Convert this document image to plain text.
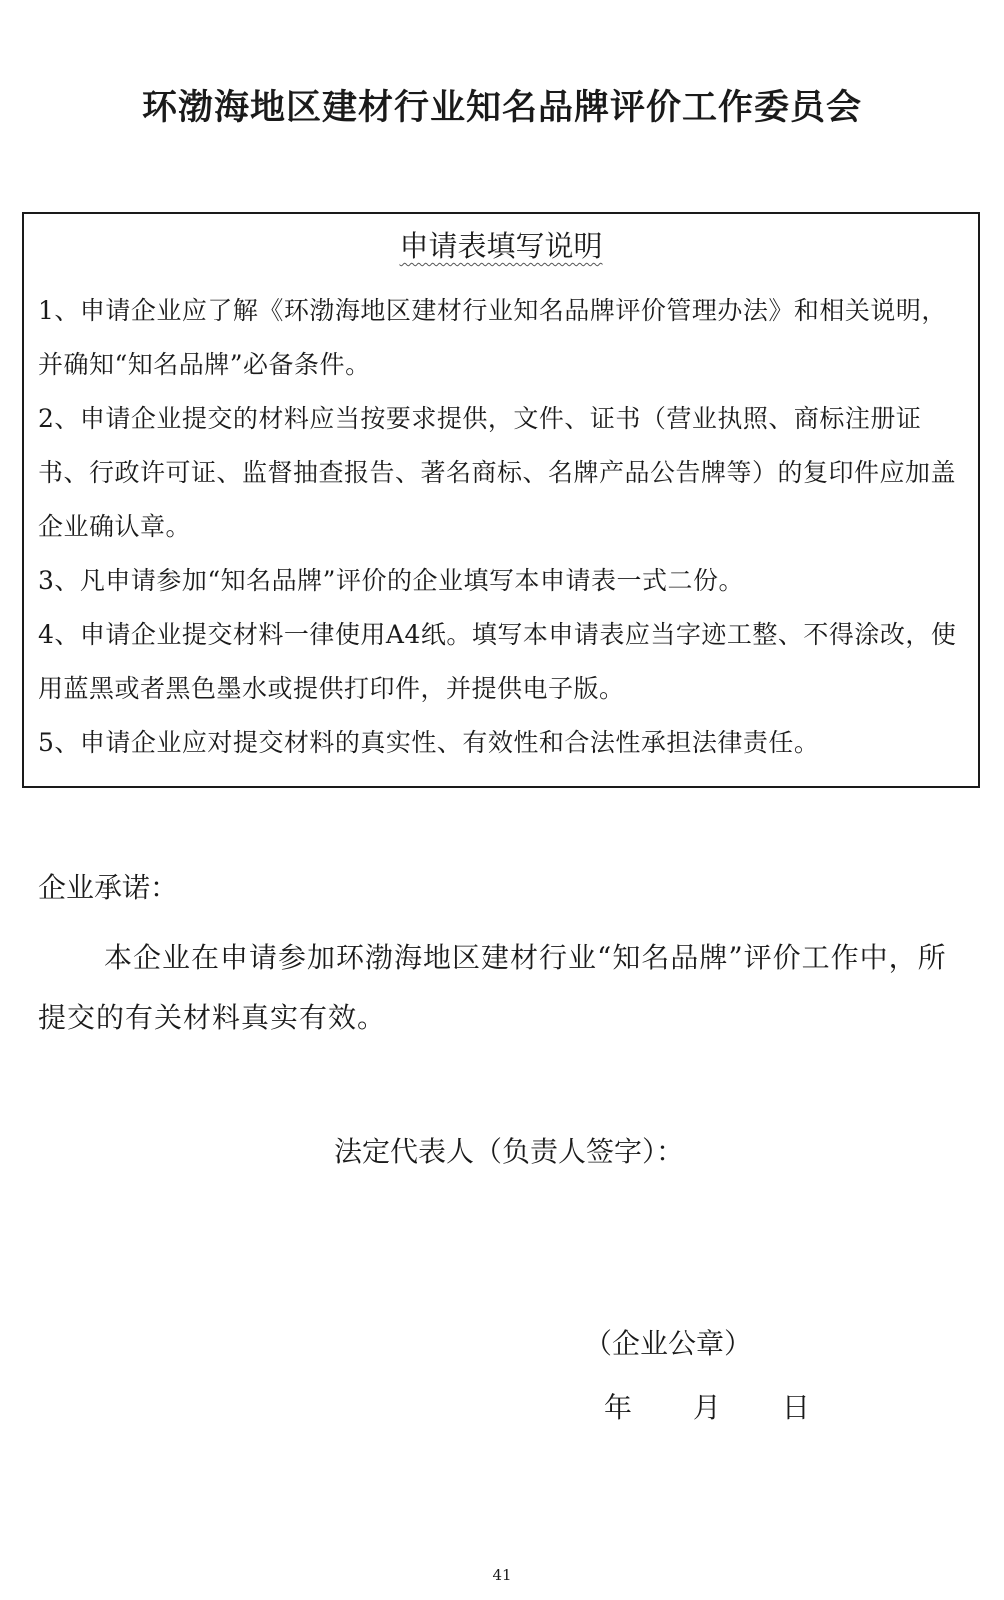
环渤海地区建材行业知名品牌评价工作委员会
申请表填写说明

1、申请企业应了解《环渤海地区建材行业知名品牌评价管理办法》和相关说明，并确知“知名品牌”必备条件。

2、申请企业提交的材料应当按要求提供，文件、证书（营业执照、商标注册证书、行政许可证、监督抽查报告、著名商标、名牌产品公告牌等）的复印件应加盖企业确认章。

3、凡申请参加“知名品牌”评价的企业填写本申请表一式二份。

4、申请企业提交材料一律使用A4纸。填写本申请表应当字迹工整、不得涂改，使用蓝黑或者黑色墨水或提供打印件，并提供电子版。

5、申请企业应对提交材料的真实性、有效性和合法性承担法律责任。

企业承诺：
本企业在申请参加环渤海地区建材行业“知名品牌”评价工作中，所提交的有关材料真实有效。
法定代表人（负责人签字）：
（企业公章）
年 月 日
41
